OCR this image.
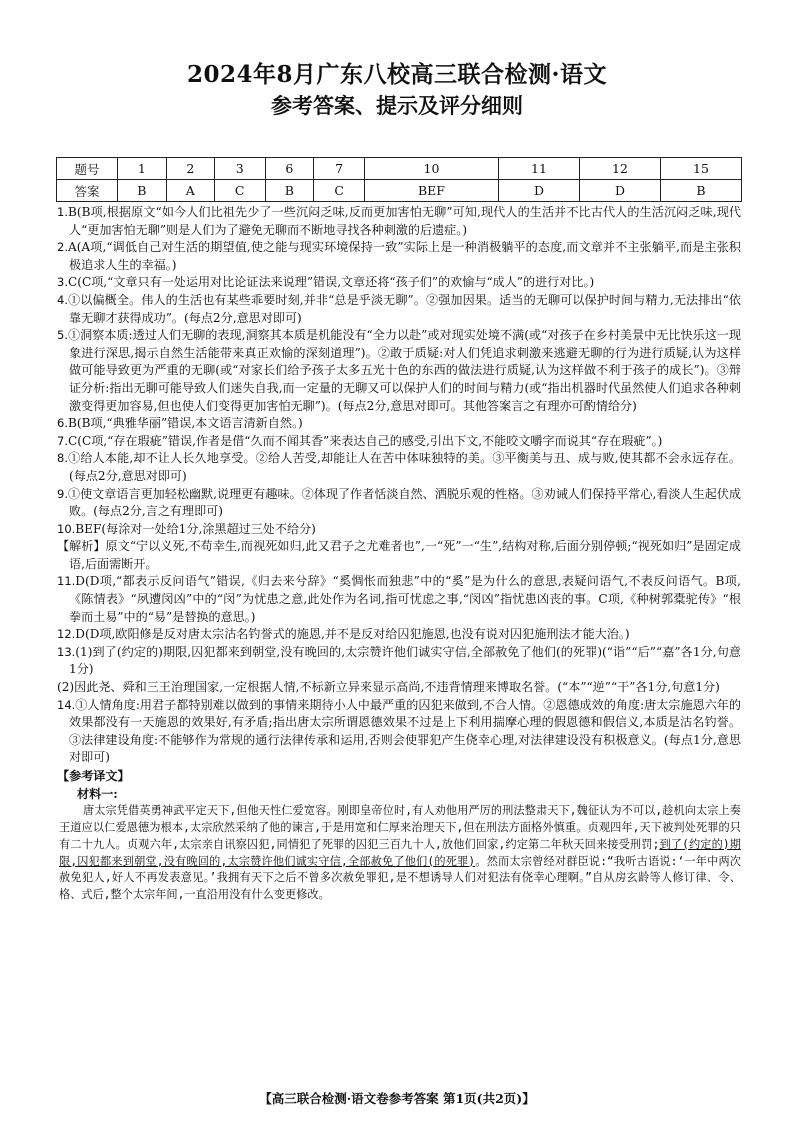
2024年8月广东八校高三联合检测·语文
参考答案、提示及评分细则
题号	1	2	3	6	7	10	11	12	15
答案	B	A	C	B	C	BEF	D	D	B
1.B(B项,根据原文“如今人们比祖先少了一些沉闷乏味,反而更加害怕无聊”可知,现代人的生活并不比古代人的生活沉闷乏味,现代人“更加害怕无聊”则是人们为了避免无聊而不断地寻找各种刺激的后遗症。)
2.A(A项,“调低自己对生活的期望值,使之能与现实环境保持一致”实际上是一种消极躺平的态度,而文章并不主张躺平,而是主张积极追求人生的幸福。)
3.C(C项,“文章只有一处运用对比论证法来说理”错误,文章还将“孩子们”的欢愉与“成人”的进行对比。)
4.①以偏概全。伟人的生活也有某些乖要时刻,并非“总是乎淡无聊”。②强加因果。适当的无聊可以保护时间与精力,无法排出“依靠无聊才获得成功”。(每点2分,意思对即可)
5.①洞察本质:透过人们无聊的表现,洞察其本质是机能没有“全力以赴”或对现实处境不满(或“对孩子在乡村美景中无比快乐这一现象进行深思,揭示自然生活能带来真正欢愉的深刻道理”)。②敢于质疑:对人们凭追求刺激来逃避无聊的行为进行质疑,认为这样做可能导致更为严重的无聊(或“对家长们给予孩子太多五光十色的东西的做法进行质疑,认为这样做不利于孩子的成长”)。③辩证分析:指出无聊可能导致人们迷失自我,而一定量的无聊又可以保护人们的时间与精力(或“指出机器时代虽然使人们追求各种刺激变得更加容易,但也使人们变得更加害怕无聊”)。(每点2分,意思对即可。其他答案言之有理亦可酌情给分)
6.B(B项,“典雅华丽”错误,本文语言清新自然。)
7.C(C项,“存在瑕疵”错误,作者是借“久而不闻其香”来表达自己的感受,引出下文,不能咬文嚼字而说其“存在瑕疵”。)
8.①给人本能,却不让人长久地享受。②给人苦受,却能让人在苦中体味独特的美。③平衡美与丑、成与败,使其都不会永远存在。(每点2分,意思对即可)
9.①使文章语言更加轻松幽默,说理更有趣味。②体现了作者恬淡自然、洒脱乐观的性格。③劝诫人们保持平常心,看淡人生起伏成败。(每点2分,言之有理即可)
10.BEF(每涂对一处给1分,涂黑超过三处不给分)
【解析】原文“宁以义死,不苟幸生,而视死如归,此又君子之尤难者也”,一“死”一“生”,结构对称,后面分别停顿;“视死如归”是固定成语,后面需断开。
11.D(D项,“都表示反问语气”错误,《归去来兮辞》“奚惆怅而独悲”中的“奚”是为什么的意思,表疑问语气,不表反问语气。B项,《陈情表》“夙遭闵凶”中的“闵”为忧患之意,此处作为名词,指可忧虑之事,“闵凶”指忧患凶丧的事。C项,《种树郭橐驼传》“根拳而土易”中的“易”是替换的意思。)
12.D(D项,欧阳修是反对唐太宗沽名钓誉式的施恩,并不是反对给囚犯施恩,也没有说对囚犯施刑法才能大治。)
13.(1)到了(约定的)期限,囚犯都来到朝堂,没有晚回的,太宗赞许他们诚实守信,全部赦免了他们(的死罪)(“诣”“后”“嘉”各1分,句意1分)
(2)因此尧、舜和三王治理国家,一定根据人情,不标新立异来显示高尚,不违背情理来博取名誉。(“本”“逆”“干”各1分,句意1分)
14.①人情角度:用君子都特别难以做到的事情来期待小人中最严重的囚犯来做到,不合人情。②恩德成效的角度:唐太宗施恩六年的效果都没有一天施恩的效果好,有矛盾;指出唐太宗所谓恩德效果不过是上下利用揣摩心理的假恩德和假信义,本质是沽名钓誉。③法律建设角度:不能够作为常规的通行法律传承和运用,否则会使罪犯产生侥幸心理,对法律建设没有积极意义。(每点1分,意思对即可)
【参考译文】
材料一:
唐太宗凭借英勇神武平定天下,但他天性仁爱宽容。刚即皇帝位时,有人劝他用严厉的刑法整肃天下,魏征认为不可以,趁机向太宗上奏王道应以仁爱恩德为根本,太宗欣然采纳了他的谏言,于是用宽和仁厚来治理天下,但在刑法方面格外慎重。贞观四年,天下被判处死罪的只有二十九人。贞观六年,太宗亲自讯察囚犯,同情犯了死罪的囚犯三百九十人,放他们回家,约定第二年秋天回来接受刑罚;到了(约定的)期限,囚犯都来到朝堂,没有晚回的,太宗赞许他们诚实守信,全部赦免了他们(的死罪)。然而太宗曾经对群臣说:“我听古语说:‘一年中两次赦免犯人,好人不再发表意见。’我拥有天下之后不曾多次赦免罪犯,是不想诱导人们对犯法有侥幸心理啊。”自从房玄龄等人修订律、令、格、式后,整个太宗年间,一直沿用没有什么变更修改。
【高三联合检测·语文卷参考答案 第1页(共2页)】
